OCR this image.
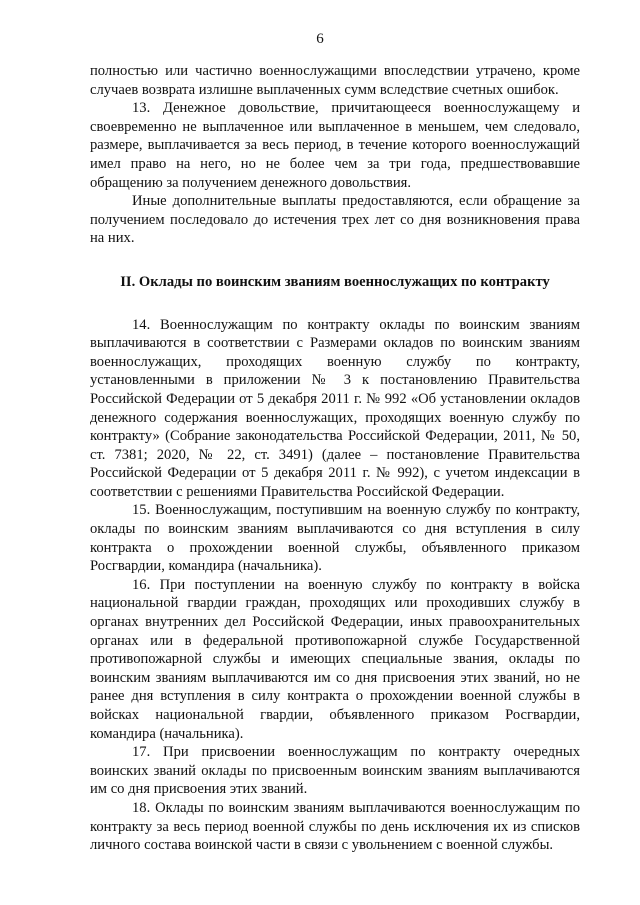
6

полностью или частично военнослужащими впоследствии утрачено, кроме случаев возврата излишне выплаченных сумм вследствие счетных ошибок.

13. Денежное довольствие, причитающееся военнослужащему и своевременно не выплаченное или выплаченное в меньшем, чем следовало, размере, выплачивается за весь период, в течение которого военнослужащий имел право на него, но не более чем за три года, предшествовавшие обращению за получением денежного довольствия.

Иные дополнительные выплаты предоставляются, если обращение за получением последовало до истечения трех лет со дня возникновения права на них.

II. Оклады по воинским званиям военнослужащих по контракту

14. Военнослужащим по контракту оклады по воинским званиям выплачиваются в соответствии с Размерами окладов по воинским званиям военнослужащих, проходящих военную службу по контракту, установленными в приложении № 3 к постановлению Правительства Российской Федерации от 5 декабря 2011 г. № 992 «Об установлении окладов денежного содержания военнослужащих, проходящих военную службу по контракту» (Собрание законодательства Российской Федерации, 2011, № 50, ст. 7381; 2020, № 22, ст. 3491) (далее – постановление Правительства Российской Федерации от 5 декабря 2011 г. № 992), с учетом индексации в соответствии с решениями Правительства Российской Федерации.

15. Военнослужащим, поступившим на военную службу по контракту, оклады по воинским званиям выплачиваются со дня вступления в силу контракта о прохождении военной службы, объявленного приказом Росгвардии, командира (начальника).

16. При поступлении на военную службу по контракту в войска национальной гвардии граждан, проходящих или проходивших службу в органах внутренних дел Российской Федерации, иных правоохранительных органах или в федеральной противопожарной службе Государственной противопожарной службы и имеющих специальные звания, оклады по воинским званиям выплачиваются им со дня присвоения этих званий, но не ранее дня вступления в силу контракта о прохождении военной службы в войсках национальной гвардии, объявленного приказом Росгвардии, командира (начальника).

17. При присвоении военнослужащим по контракту очередных воинских званий оклады по присвоенным воинским званиям выплачиваются им со дня присвоения этих званий.

18. Оклады по воинским званиям выплачиваются военнослужащим по контракту за весь период военной службы по день исключения их из списков личного состава воинской части в связи с увольнением с военной службы.
